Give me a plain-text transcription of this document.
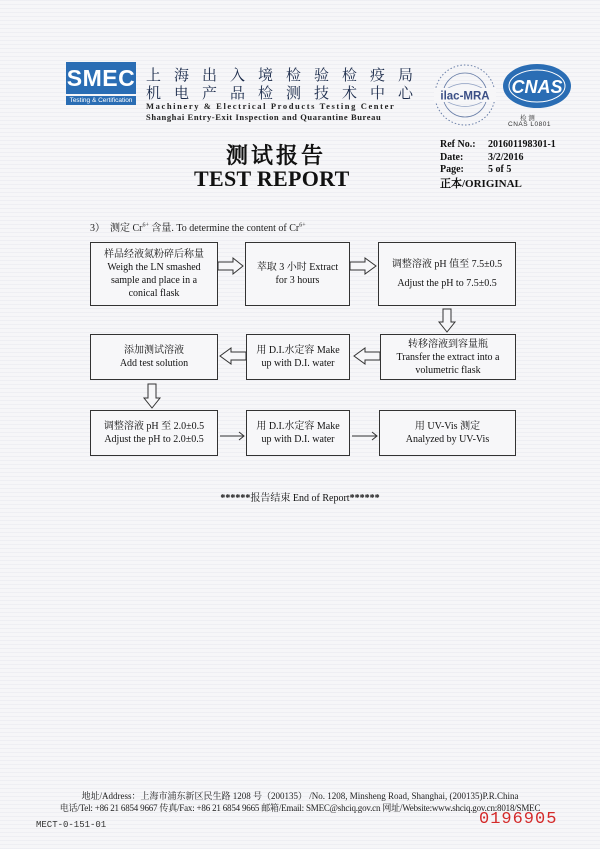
SMEC
Testing & Certification
上海出入境检验检疫局
机电产品检测技术中心
Machinery & Electrical Products Testing Center
Shanghai Entry-Exit Inspection and Quarantine Bureau
ilac-MRA CNAS
检 测
CNAS L0801
测试报告
TEST REPORT
Ref No.: 201601198301-1
Date: 3/2/2016
Page: 5 of 5
正本/ORIGINAL
3） 测定 $Cr^{6+}$ 含量. To determine the content of $Cr^{6+}$
样品经液氮粉碎后称量
Weigh the LN smashed
sample and place in a
conical flask
萃取 3 小时 Extract
for 3 hours
调整溶液 pH 值至 7.5±0.5
Adjust the pH to 7.5±0.5
转移溶液到容量瓶
Transfer the extract into a
volumetric flask
用 D.I.水定容 Make
up with D.I. water
添加测试溶液
Add test solution
调整溶液 pH 至 2.0±0.5
Adjust the pH to 2.0±0.5
用 D.I.水定容 Make
up with D.I. water
用 UV-Vis 测定
Analyzed by UV-Vis
******报告结束 End of Report******
地址/Address：上海市浦东新区民生路 1208 号（200135） /No. 1208, Minsheng Road, Shanghai, (200135)P.R.China
电话/Tel: +86 21 6854 9667 传真/Fax: +86 21 6854 9665 邮箱/Email: SMEC@shciq.gov.cn 网址/Website:www.shciq.gov.cn:8018/SMEC
MECT-0-151-01	0196905
